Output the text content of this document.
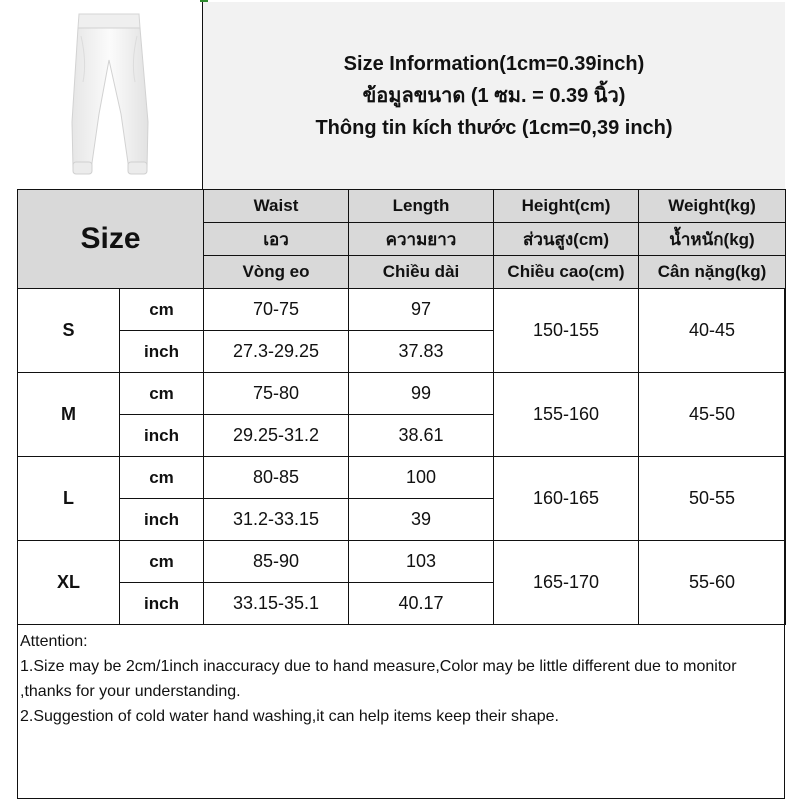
Size Information(1cm=0.39inch)
ข้อมูลขนาด (1 ซม. = 0.39 นิ้ว)
Thông tin kích thước (1cm=0,39 inch)
Size		Waist	Length	Height(cm)	Weight(kg)
		เอว	ความยาว	ส่วนสูง(cm)	น้ำหนัก(kg)
		Vòng eo	Chiều dài	Chiều cao(cm)	Cân nặng(kg)
S	cm	70-75	97	150-155	40-45
	inch	27.3-29.25	37.83		
M	cm	75-80	99	155-160	45-50
	inch	29.25-31.2	38.61		
L	cm	80-85	100	160-165	50-55
	inch	31.2-33.15	39		
XL	cm	85-90	103	165-170	55-60
	inch	33.15-35.1	40.17		
Attention:
1.Size may be 2cm/1inch inaccuracy due to hand measure,Color may be little different due to monitor ,thanks for your understanding.
2.Suggestion of cold water hand washing,it can help items keep their shape.
